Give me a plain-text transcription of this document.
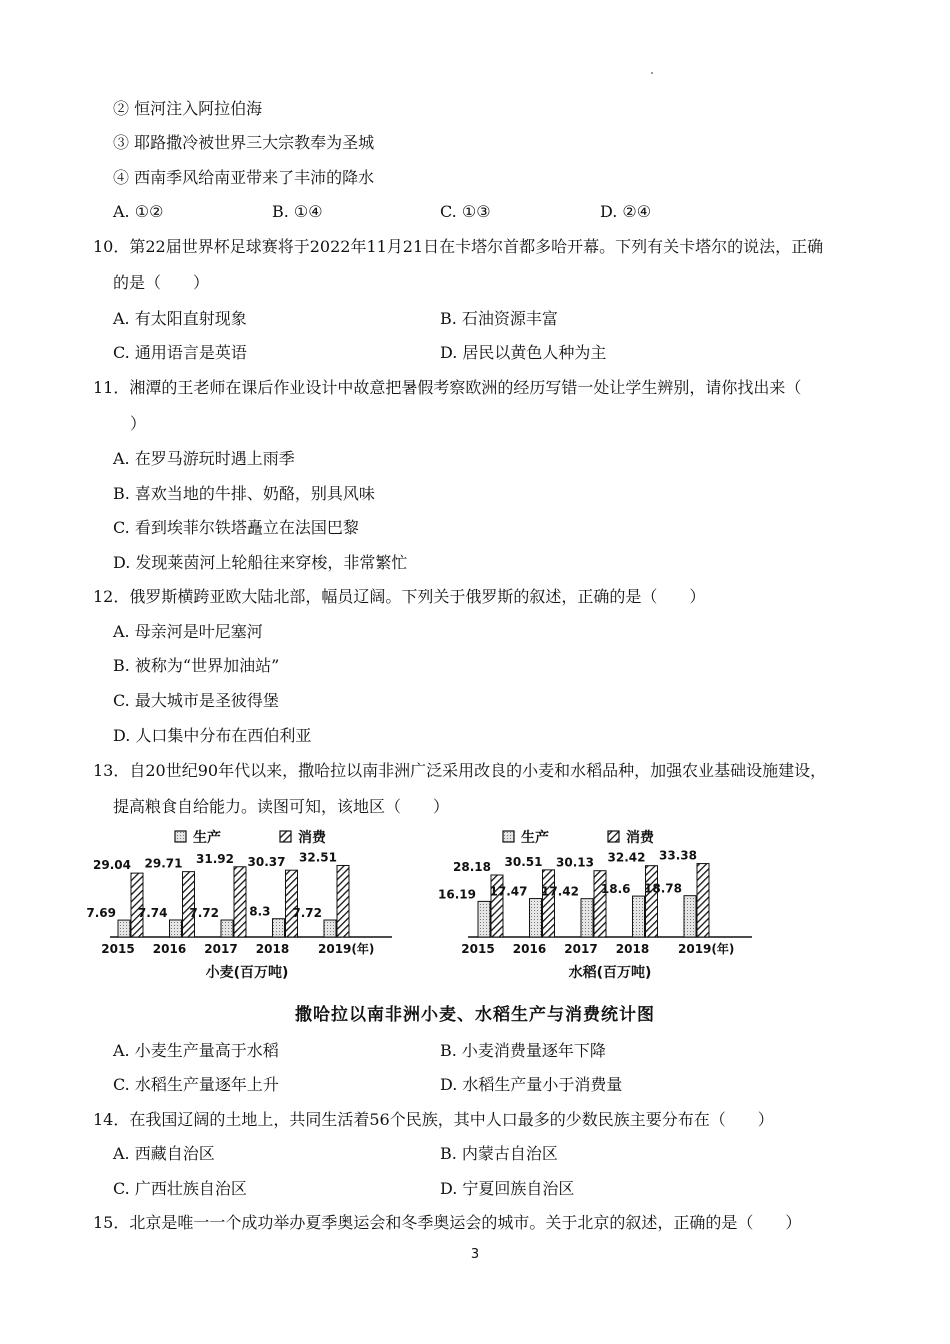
② 恒河注入阿拉伯海
③ 耶路撒冷被世界三大宗教奉为圣城
④ 西南季风给南亚带来了丰沛的降水
A. ①②	B. ①④	C. ①③	D. ②④
10．第22届世界杯足球赛将于2022年11月21日在卡塔尔首都多哈开幕。下列有关卡塔尔的说法，正确
的是（　　）
A. 有太阳直射现象	B. 石油资源丰富
C. 通用语言是英语	D. 居民以黄色人种为主
11．湘潭的王老师在课后作业设计中故意把暑假考察欧洲的经历写错一处让学生辨别，请你找出来（
）
A. 在罗马游玩时遇上雨季
B. 喜欢当地的牛排、奶酪，别具风味
C. 看到埃菲尔铁塔矗立在法国巴黎
D. 发现莱茵河上轮船往来穿梭，非常繁忙
12．俄罗斯横跨亚欧大陆北部，幅员辽阔。下列关于俄罗斯的叙述，正确的是（　　）
A. 母亲河是叶尼塞河
B. 被称为“世界加油站”
C. 最大城市是圣彼得堡
D. 人口集中分布在西伯利亚
13．自20世纪90年代以来，撒哈拉以南非洲广泛采用改良的小麦和水稻品种，加强农业基础设施建设，
提高粮食自给能力。读图可知，该地区（　　）
生产	消费
7.69
29.04
2015
7.74
29.71
2016
7.72
31.92
2017
8.3
30.37
2018
7.72
32.51
2019(年)
小麦(百万吨)
生产	消费
16.19
28.18
2015
17.47
30.51
2016
17.42
30.13
2017
18.6
32.42
2018
18.78
33.38
2019(年)
水稻(百万吨)
撒哈拉以南非洲小麦、水稻生产与消费统计图
A. 小麦生产量高于水稻	B. 小麦消费量逐年下降
C. 水稻生产量逐年上升	D. 水稻生产量小于消费量
14．在我国辽阔的土地上，共同生活着56个民族，其中人口最多的少数民族主要分布在（　　）
A. 西藏自治区	B. 内蒙古自治区
C. 广西壮族自治区	D. 宁夏回族自治区
15．北京是唯一一个成功举办夏季奥运会和冬季奥运会的城市。关于北京的叙述，正确的是（　　）
3
